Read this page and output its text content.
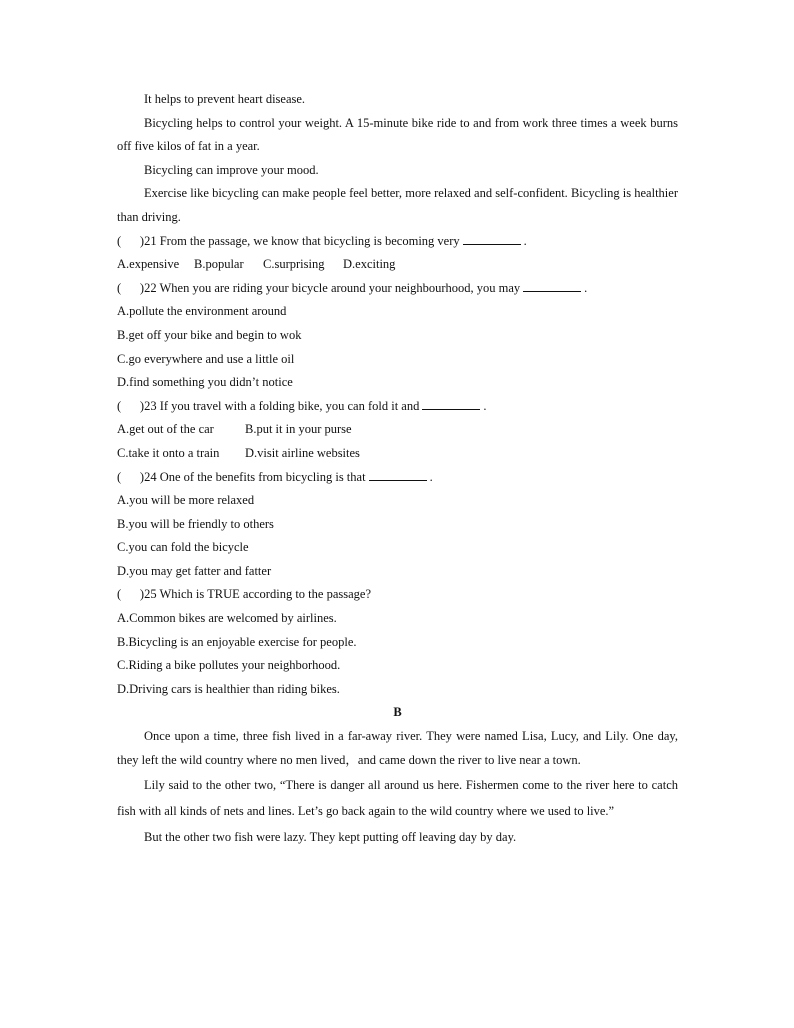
It helps to prevent heart disease.

Bicycling helps to control your weight. A 15-minute bike ride to and from work three times a week burns off five kilos of fat in a year.

Bicycling can improve your mood.

Exercise like bicycling can make people feel better, more relaxed and self-confident. Bicycling is healthier than driving.

(      )21 From the passage, we know that bicycling is becoming very	.

A.expensive B.popular C.surprising D.exciting

(      )22 When you are riding your bicycle around your neighbourhood, you may	.

A.pollute the environment around

B.get off your bike and begin to wok

C.go everywhere and use a little oil

D.find something you didn’t notice

(      )23 If you travel with a folding bike, you can fold it and	.

A.get out of the car B.put it in your purse

C.take it onto a train D.visit airline websites

(      )24 One of the benefits from bicycling is that	.

A.you will be more relaxed

B.you will be friendly to others

C.you can fold the bicycle

D.you may get fatter and fatter

(      )25 Which is TRUE according to the passage?

A.Common bikes are welcomed by airlines.

B.Bicycling is an enjoyable exercise for people.

C.Riding a bike pollutes your neighborhood.

D.Driving cars is healthier than riding bikes.

B

Once upon a time, three fish lived in a far-away river. They were named Lisa, Lucy, and Lily. One day, they left the wild country where no men lived，and came down the river to live near a town.

Lily said to the other two, “There is danger all around us here. Fishermen come to the river here to catch fish with all kinds of nets and lines. Let’s go back again to the wild country where we used to live.”

But the other two fish were lazy. They kept putting off leaving day by day.
